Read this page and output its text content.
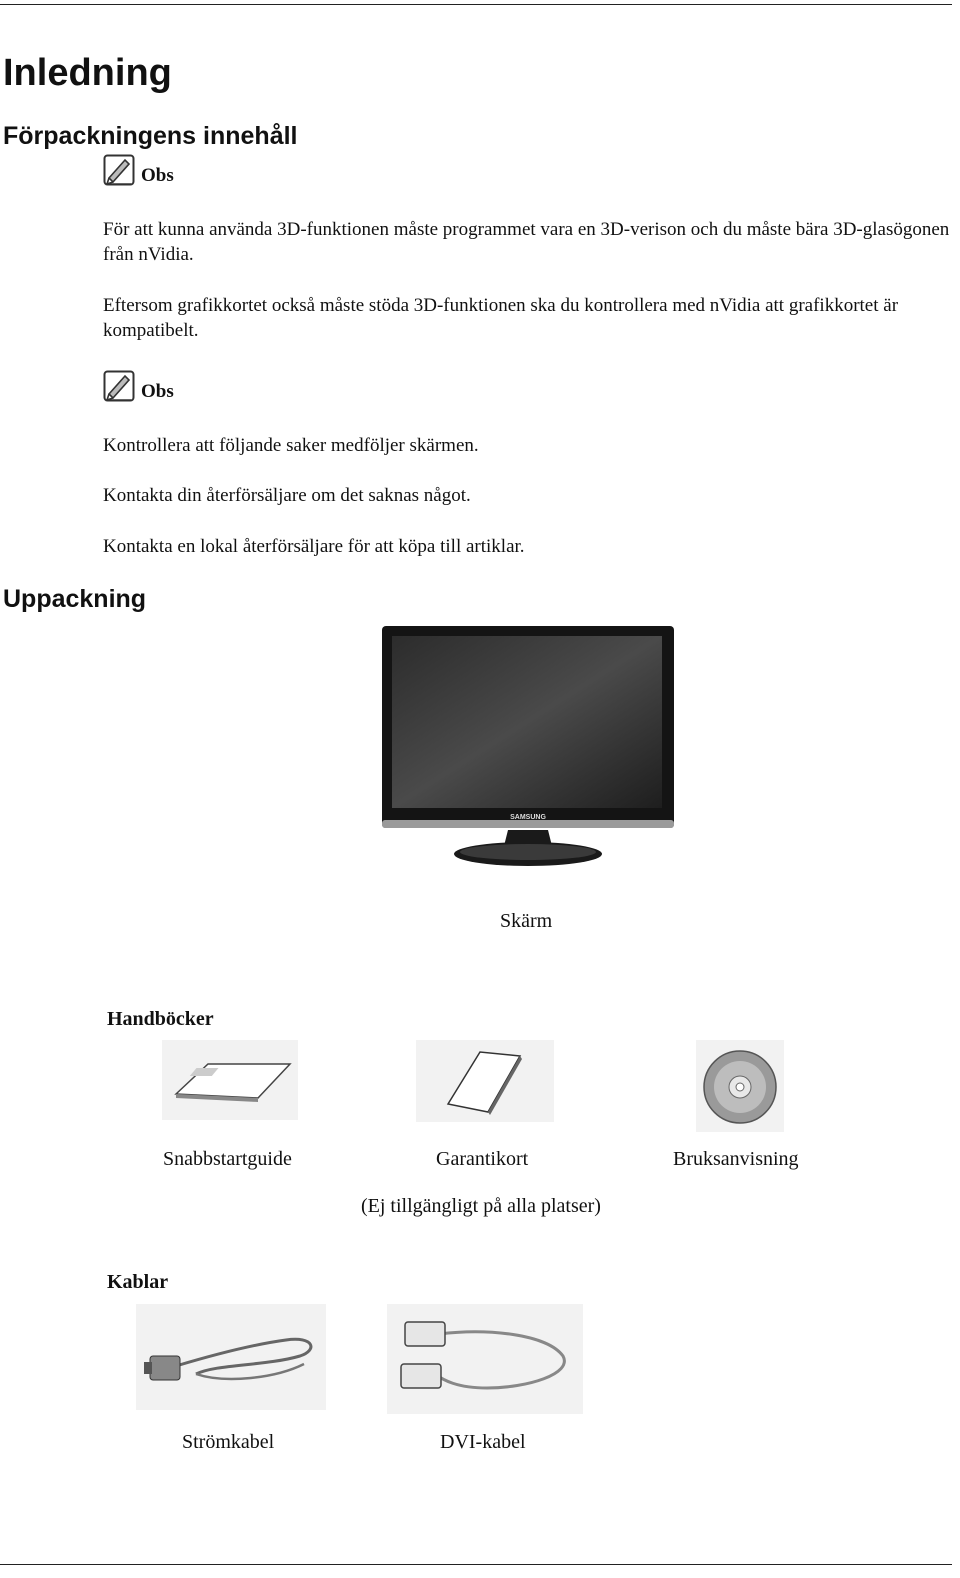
Inledning
Förpackningens innehåll
Obs

För att kunna använda 3D-funktionen måste programmet vara en 3D-verison och du måste bära 3D-glasögonen från nVidia.

Eftersom grafikkortet också måste stöda 3D-funktionen ska du kontrollera med nVidia att grafikkortet är kompatibelt.

Obs

Kontrollera att följande saker medföljer skärmen.

Kontakta din återförsäljare om det saknas något.

Kontakta en lokal återförsäljare för att köpa till artiklar.

Uppackning
SAMSUNG
Skärm
Handböcker
Snabbstartguide	Garantikort	Bruksanvisning
(Ej tillgängligt på alla platser)
Kablar
Strömkabel	DVI-kabel
